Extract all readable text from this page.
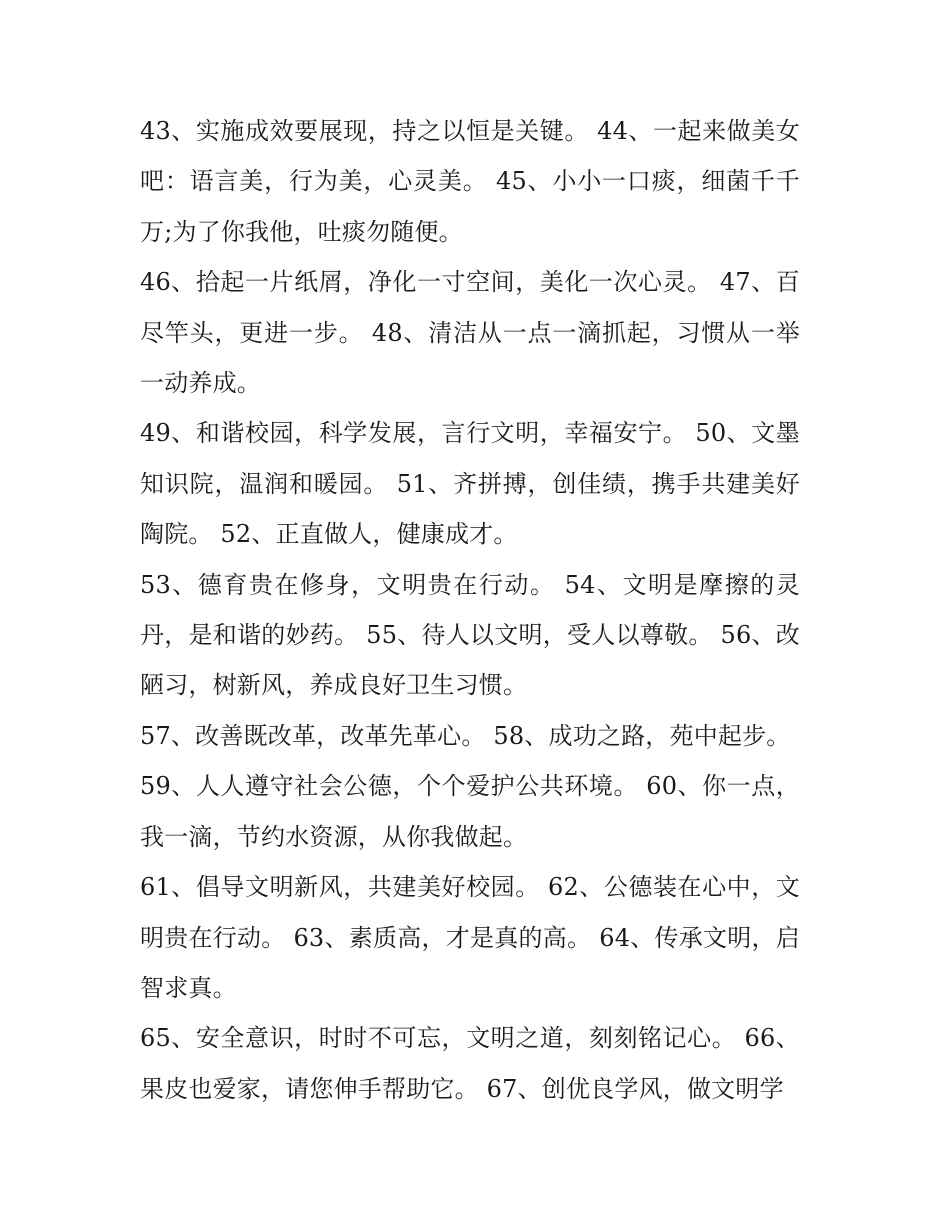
43、实施成效要展现，持之以恒是关键。 44、一起来做美女吧：语言美，行为美，心灵美。 45、小小一口痰，细菌千千万;为了你我他，吐痰勿随便。

46、拾起一片纸屑，净化一寸空间，美化一次心灵。 47、百尽竿头，更进一步。 48、清洁从一点一滴抓起，习惯从一举一动养成。

49、和谐校园，科学发展，言行文明，幸福安宁。 50、文墨知识院，温润和暖园。 51、齐拼搏，创佳绩，携手共建美好陶院。 52、正直做人，健康成才。

53、德育贵在修身，文明贵在行动。 54、文明是摩擦的灵丹，是和谐的妙药。 55、待人以文明，受人以尊敬。 56、改陋习，树新风，养成良好卫生习惯。

57、改善既改革，改革先革心。 58、成功之路，苑中起步。

59、人人遵守社会公德，个个爱护公共环境。 60、你一点，我一滴，节约水资源，从你我做起。

61、倡导文明新风，共建美好校园。 62、公德装在心中，文明贵在行动。 63、素质高，才是真的高。 64、传承文明，启智求真。

65、安全意识，时时不可忘，文明之道，刻刻铭记心。 66、果皮也爱家，请您伸手帮助它。 67、创优良学风，做文明学
